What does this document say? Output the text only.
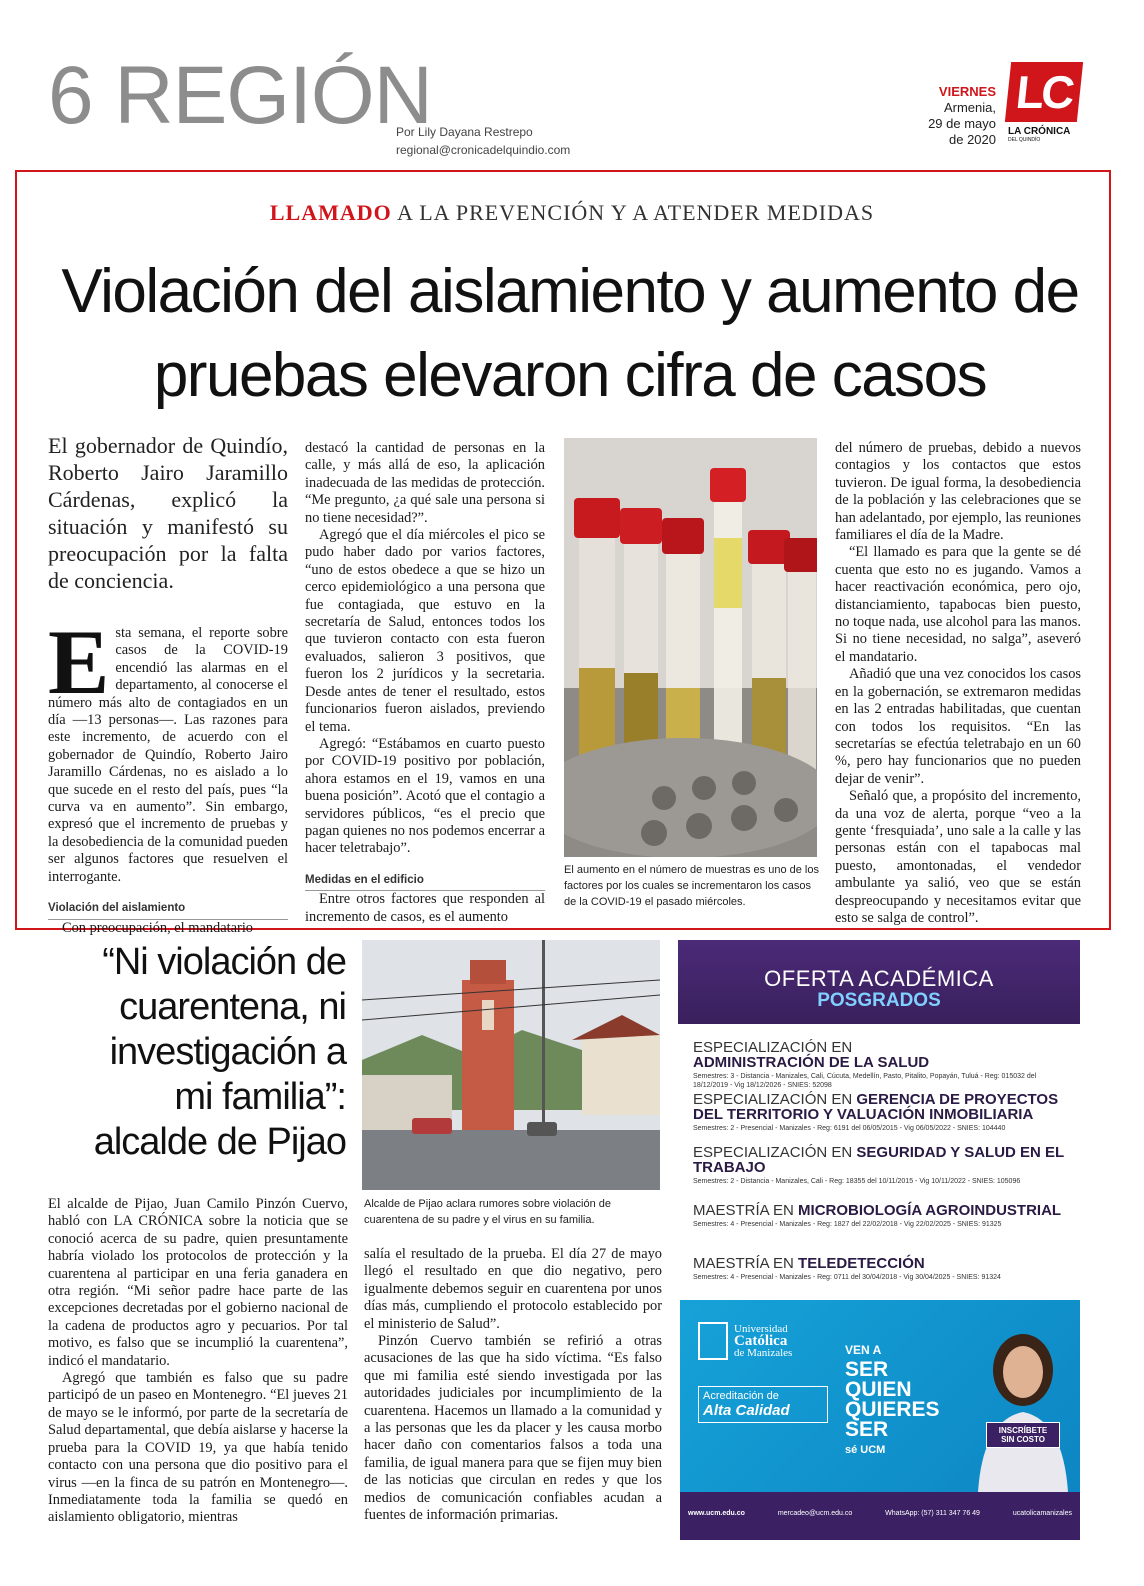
6 REGIÓN
Por Lily Dayana Restrepo
regional@cronicadelquindio.com
VIERNES
Armenia,
29 de mayo
de 2020
LC
LA CRÓNICA
DEL QUINDÍO
LLAMADO A LA PREVENCIÓN Y A ATENDER MEDIDAS
Violación del aislamiento y aumento de pruebas elevaron cifra de casos
El gobernador de Quindío, Roberto Jairo Jaramillo Cárdenas, explicó la situación y manifestó su preocupación por la falta de conciencia.

Esta semana, el reporte sobre casos de la COVID-19 encendió las alarmas en el departamento, al conocerse el número más alto de contagiados en un día —13 personas—. Las razones para este incremento, de acuerdo con el gobernador de Quindío, Roberto Jairo Jaramillo Cárdenas, no es aislado a lo que sucede en el resto del país, pues “la curva va en aumento”. Sin embargo, expresó que el incremento de pruebas y la desobediencia de la comunidad pueden ser algunos factores que resuelven el interrogante.

Violación del aislamiento

Con preocupación, el mandatario

destacó la cantidad de personas en la calle, y más allá de eso, la aplicación inadecuada de las medidas de protección. “Me pregunto, ¿a qué sale una persona si no tiene necesidad?”.

Agregó que el día miércoles el pico se pudo haber dado por varios factores, “uno de estos obedece a que se hizo un cerco epidemiológico a una persona que fue contagiada, que estuvo en la secretaría de Salud, entonces todos los que tuvieron contacto con esta fueron evaluados, salieron 3 positivos, que fueron los 2 jurídicos y la secretaria. Desde antes de tener el resultado, estos funcionarios fueron aislados, previendo el tema.

Agregó: “Estábamos en cuarto puesto por COVID-19 positivo por población, ahora estamos en el 19, vamos en una buena posición”. Acotó que el contagio a servidores públicos, “es el precio que pagan quienes no nos podemos encerrar a hacer teletrabajo”.

Medidas en el edificio

Entre otros factores que responden al incremento de casos, es el aumento

El aumento en el número de muestras es uno de los factores por los cuales se incrementaron los casos de la COVID-19 el pasado miércoles.

del número de pruebas, debido a nuevos contagios y los contactos que estos tuvieron. De igual forma, la desobediencia de la población y las celebraciones que se han adelantado, por ejemplo, las reuniones familiares el día de la Madre.

“El llamado es para que la gente se dé cuenta que esto no es jugando. Vamos a hacer reactivación económica, pero ojo, distanciamiento, tapabocas bien puesto, no toque nada, use alcohol para las manos. Si no tiene necesidad, no salga”, aseveró el mandatario.

Añadió que una vez conocidos los casos en la gobernación, se extremaron medidas en las 2 entradas habilitadas, que cuentan con todos los requisitos. “En las secretarías se efectúa teletrabajo en un 60 %, pero hay funcionarios que no pueden dejar de venir”.

Señaló que, a propósito del incremento, da una voz de alerta, porque “veo a la gente ‘fresquiada’, uno sale a la calle y las personas están con el tapabocas mal puesto, amontonadas, el vendedor ambulante ya salió, veo que se están despreocupando y necesitamos evitar que esto se salga de control”.

“Ni violación de cuarentena, ni investigación a mi familia”: alcalde de Pijao
Alcalde de Pijao aclara rumores sobre violación de cuarentena de su padre y el virus en su familia.

El alcalde de Pijao, Juan Camilo Pinzón Cuervo, habló con LA CRÓNICA sobre la noticia que se conoció acerca de su padre, quien presuntamente habría violado los protocolos de protección y la cuarentena al participar en una feria ganadera en otra región. “Mi señor padre hace parte de las excepciones decretadas por el gobierno nacional de la cadena de productos agro y pecuarios. Por tal motivo, es falso que se incumplió la cuarentena”, indicó el mandatario.

Agregó que también es falso que su padre participó de un paseo en Montenegro. “El jueves 21 de mayo se le informó, por parte de la secretaría de Salud departamental, que debía aislarse y hacerse la prueba para la COVID 19, ya que había tenido contacto con una persona que dio positivo para el virus —en la finca de su patrón en Montenegro—. Inmediatamente toda la familia se quedó en aislamiento obligatorio, mientras

salía el resultado de la prueba. El día 27 de mayo llegó el resultado en que dio negativo, pero igualmente debemos seguir en cuarentena por unos días más, cumpliendo el protocolo establecido por el ministerio de Salud”.

Pinzón Cuervo también se refirió a otras acusaciones de las que ha sido víctima. “Es falso que mi familia esté siendo investigada por las autoridades judiciales por incumplimiento de la cuarentena. Hacemos un llamado a la comunidad y a las personas que les da placer y les causa morbo hacer daño con comentarios falsos a toda una familia, de igual manera para que se fijen muy bien de las noticias que circulan en redes y que los medios de comunicación confiables acudan a fuentes de información primarias.

OFERTA ACADÉMICA
POSGRADOS
ESPECIALIZACIÓN EN
ADMINISTRACIÓN DE LA SALUD
Semestres: 3 - Distancia - Manizales, Cali, Cúcuta, Medellín, Pasto, Pitalito, Popayán, Tuluá - Reg: 015032 del 18/12/2019 - Vig 18/12/2026 - SNIES: 52098
ESPECIALIZACIÓN EN GERENCIA DE PROYECTOS DEL TERRITORIO Y VALUACIÓN INMOBILIARIA
Semestres: 2 - Presencial - Manizales - Reg: 6191 del 06/05/2015 - Vig 06/05/2022 - SNIES: 104440
ESPECIALIZACIÓN EN SEGURIDAD Y SALUD EN EL TRABAJO
Semestres: 2 - Distancia - Manizales, Cali - Reg: 18355 del 10/11/2015 - Vig 10/11/2022 - SNIES: 105096
MAESTRÍA EN MICROBIOLOGÍA AGROINDUSTRIAL
Semestres: 4 - Presencial - Manizales - Reg: 1827 del 22/02/2018 - Vig 22/02/2025 - SNIES: 91325
MAESTRÍA EN TELEDETECCIÓN
Semestres: 4 - Presencial - Manizales - Reg: 0711 del 30/04/2018 - Vig 30/04/2025 - SNIES: 91324
Universidad
Católica
de Manizales
Acreditación de
Alta Calidad
VEN A
SER
QUIEN
QUIERES
SER
sé UCM
INSCRÍBETE
SIN COSTO
www.ucm.edu.co	mercadeo@ucm.edu.co	WhatsApp: (57) 311 347 76 49	ucatolicamanizales
